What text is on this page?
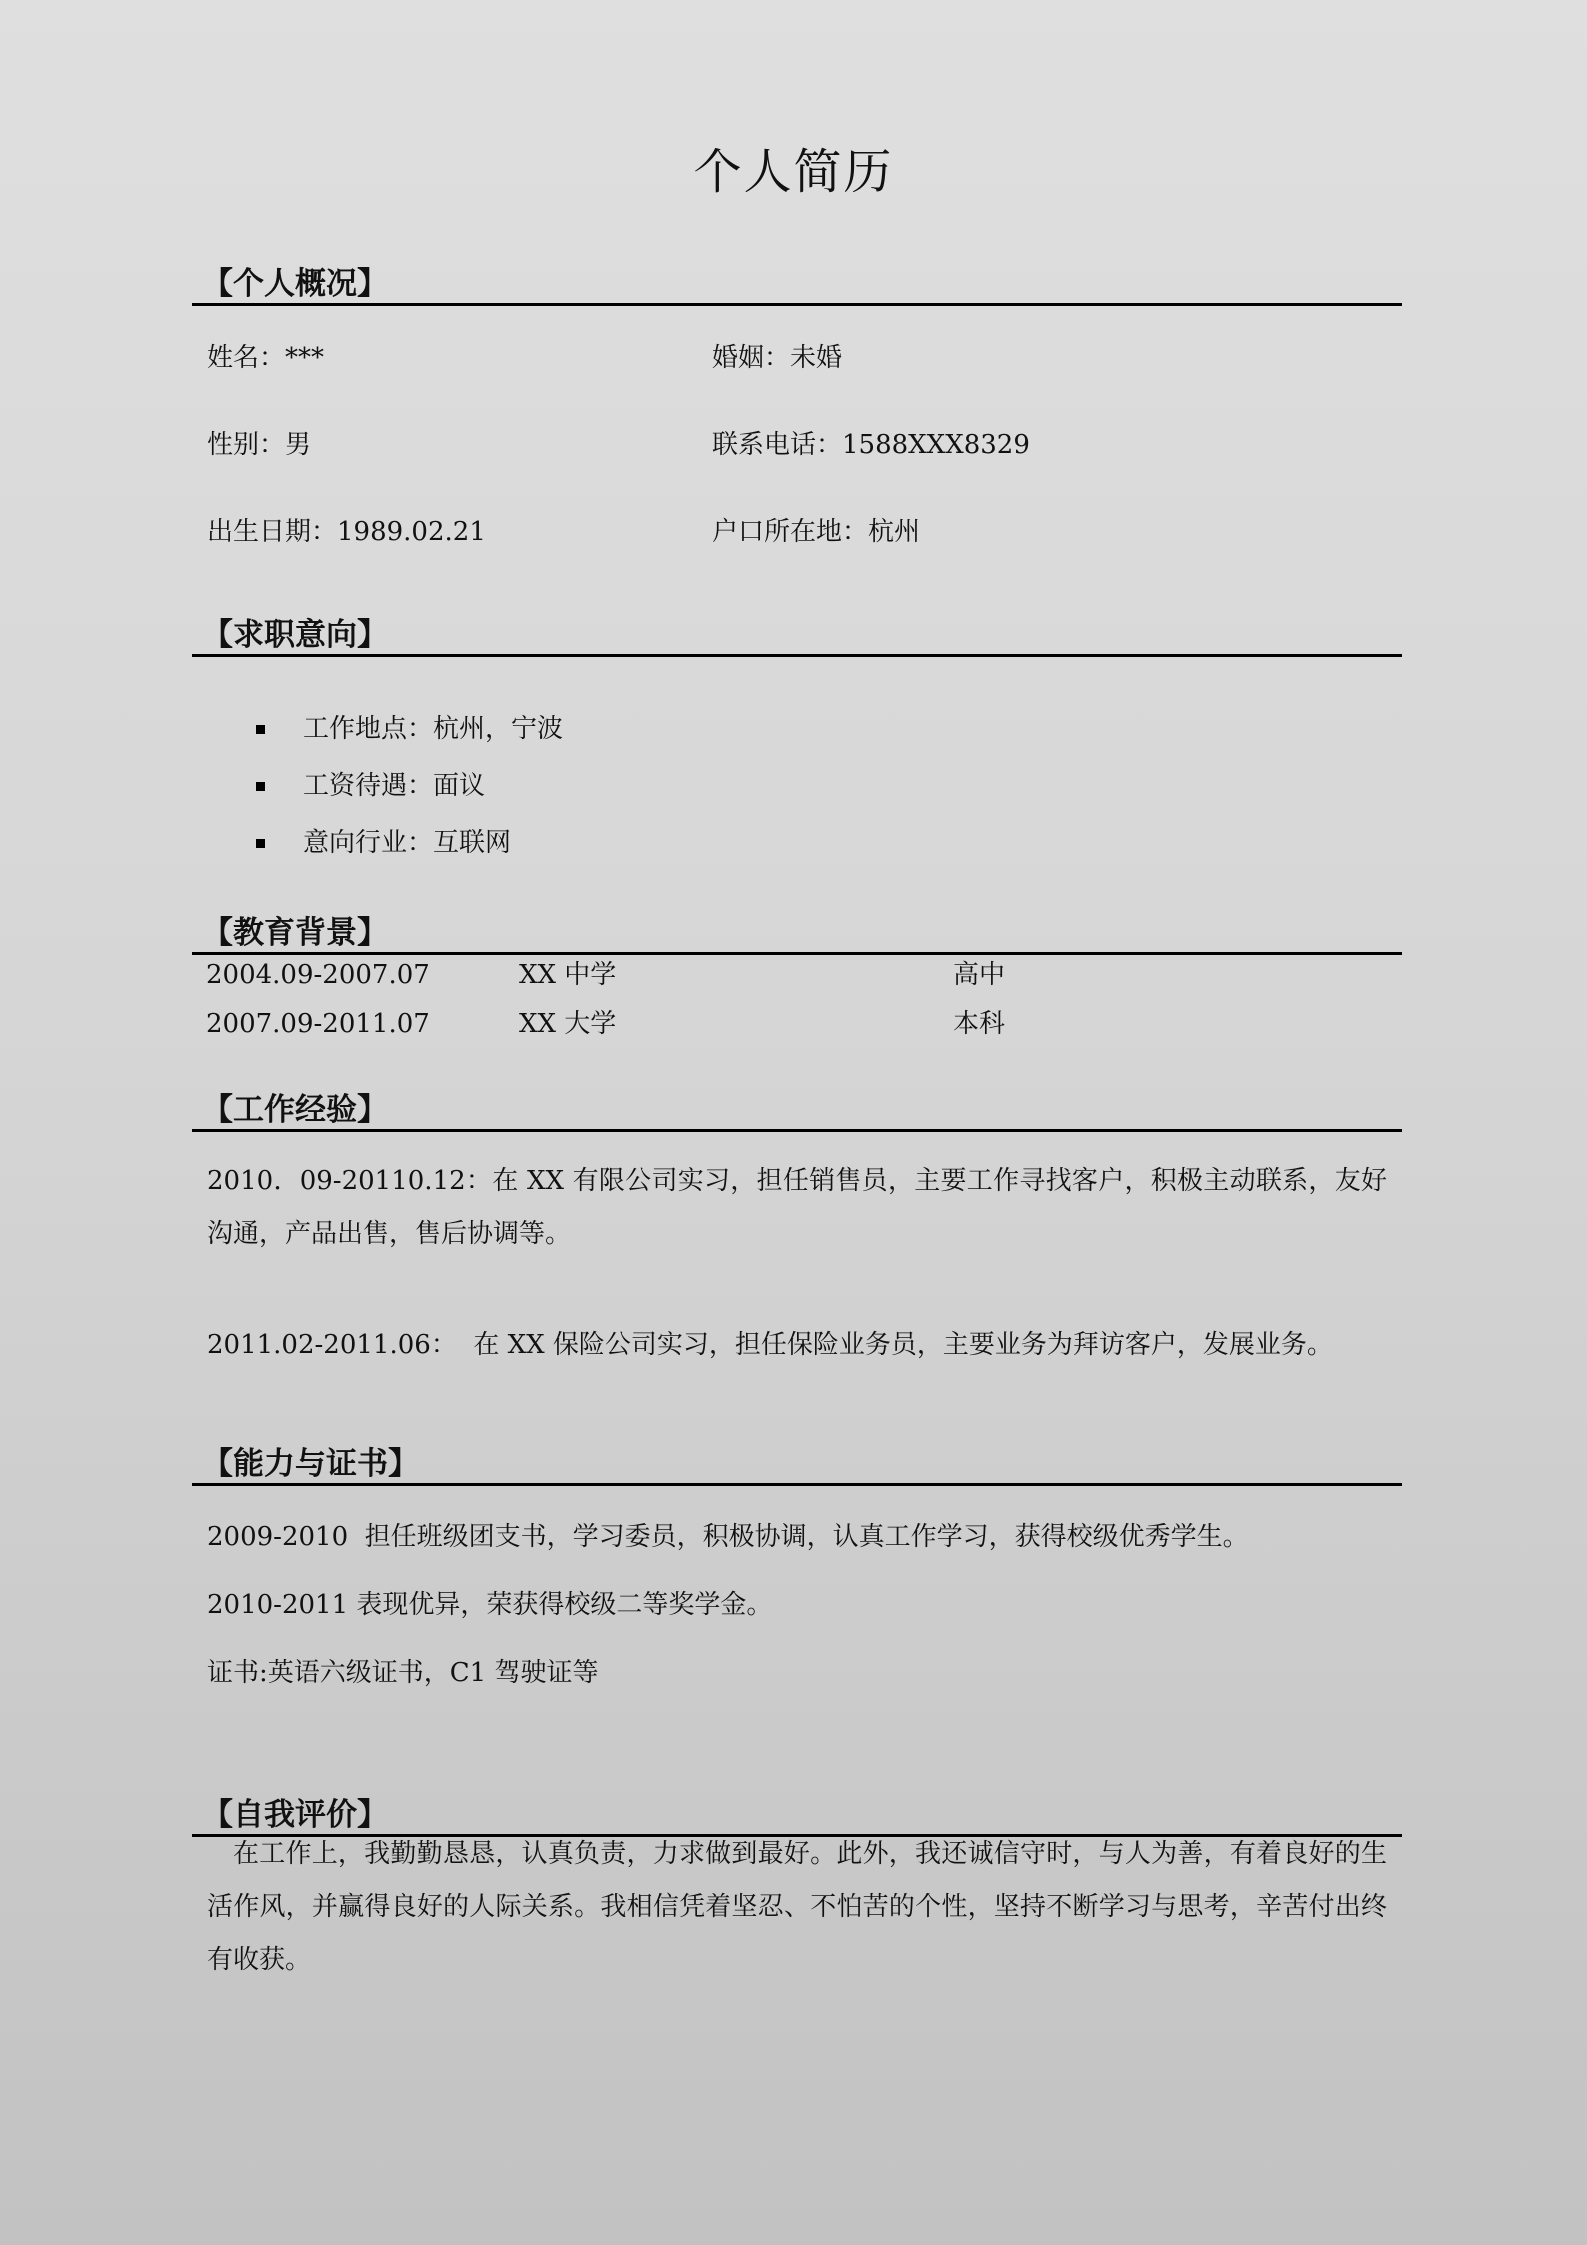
个人简历
【个人概况】
姓名：***	婚姻：未婚
性别：男	联系电话：1588XXX8329
出生日期：1989.02.21	户口所在地：杭州
【求职意向】
工作地点：杭州，宁波
工资待遇：面议
意向行业：互联网
【教育背景】
2004.09-2007.07	XX 中学	高中
2007.09-2011.07	XX 大学	本科
【工作经验】
2010．09-20110.12：在 XX 有限公司实习，担任销售员，主要工作寻找客户，积极主动联系，友好沟通，产品出售，售后协调等。
2011.02-2011.06：  在 XX 保险公司实习，担任保险业务员，主要业务为拜访客户，发展业务。
【能力与证书】
2009-2010  担任班级团支书，学习委员，积极协调，认真工作学习，获得校级优秀学生。
2010-2011 表现优异，荣获得校级二等奖学金。
证书:英语六级证书，C1 驾驶证等
【自我评价】
在工作上，我勤勤恳恳，认真负责，力求做到最好。此外，我还诚信守时，与人为善，有着良好的生活作风，并赢得良好的人际关系。我相信凭着坚忍、不怕苦的个性，坚持不断学习与思考，辛苦付出终有收获。
